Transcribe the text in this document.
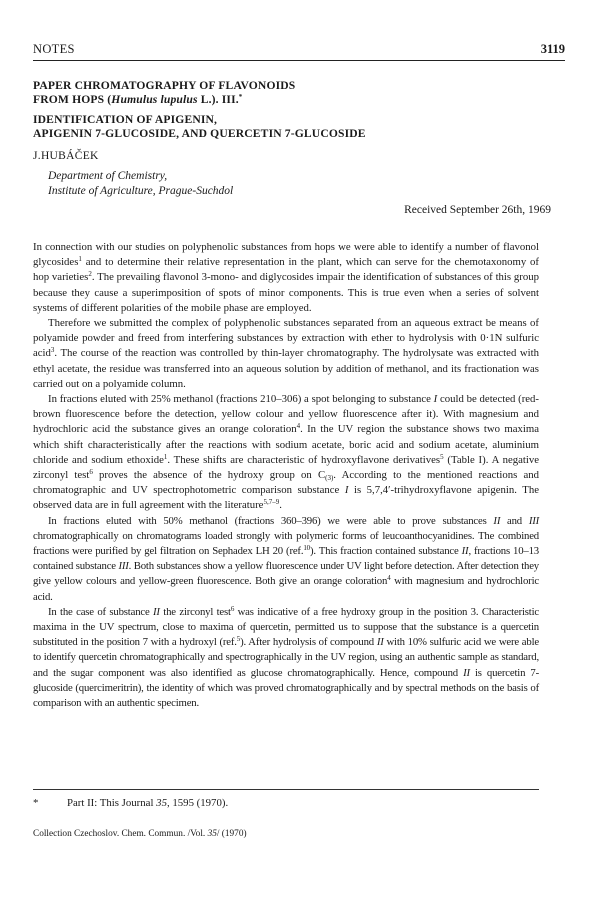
NOTES	3119
PAPER CHROMATOGRAPHY OF FLAVONOIDS
FROM HOPS (Humulus lupulus L.). III.*
IDENTIFICATION OF APIGENIN,
APIGENIN 7-GLUCOSIDE, AND QUERCETIN 7-GLUCOSIDE
J.HUBÁČEK
Department of Chemistry,
Institute of Agriculture, Prague-Suchdol
Received September 26th, 1969

In connection with our studies on polyphenolic substances from hops we were able to identify a number of flavonol glycosides$^1$ and to determine their relative representation in the plant, which can serve for the chemotaxonomy of hop varieties$^2$. The prevailing flavonol 3-mono- and diglycosides impair the identification of substances of this group because they cause a superimposition of spots of minor components. This is true even when a series of solvent systems of different polarities of the mobile phase are employed.

Therefore we submitted the complex of polyphenolic substances separated from an aqueous extract be means of polyamide powder and freed from interfering substances by extraction with ether to hydrolysis with 0·1N sulfuric acid$^3$. The course of the reaction was controlled by thin-layer chromatography. The hydrolysate was extracted with ethyl acetate, the residue was transferred into an aqueous solution by addition of methanol, and its fractionation was carried out on a polyamide column.

In fractions eluted with 25% methanol (fractions 210–306) a spot belonging to substance I could be detected (red-brown fluorescence before the detection, yellow colour and yellow fluorescence after it). With magnesium and hydrochloric acid the substance gives an orange coloration$^4$. In the UV region the substance shows two maxima which shift characteristically after the reactions with sodium acetate, boric acid and sodium acetate, aluminium chloride and sodium ethoxide$^1$. These shifts are characteristic of hydroxyflavone derivatives$^5$ (Table I). A negative zirconyl test$^6$ proves the absence of the hydroxy group on $C_{(3)}$. According to the mentioned reactions and chromatographic and UV spectrophotometric comparison substance I is 5,7,4′-trihydroxyflavone apigenin. The observed data are in full agreement with the literature$^{5,7-9}$.

In fractions eluted with 50% methanol (fractions 360–396) we were able to prove substances II and III chromatographically on chromatograms loaded strongly with polymeric forms of leucoanthocyanidines. The combined fractions were purified by gel filtration on Sephadex LH 20 (ref.$^{10}$). This fraction contained substance II, fractions 10–13 contained substance III. Both substances show a yellow fluorescence under UV light before detection. After detection they give yellow colours and yellow-green fluorescence. Both give an orange coloration$^4$ with magnesium and hydrochloric acid.

In the case of substance II the zirconyl test$^6$ was indicative of a free hydroxy group in the position 3. Characteristic maxima in the UV spectrum, close to maxima of quercetin, permitted us to suppose that the substance is a quercetin substituted in the position 7 with a hydroxyl (ref.$^5$). After hydrolysis of compound II with 10% sulfuric acid we were able to identify quercetin chromatographically and spectrographically in the UV region, using an authentic sample as standard, and the sugar component was also identified as glucose chromatographically. Hence, compound II is quercetin 7-glucoside (quercimeritrin), the identity of which was proved chromatographically and by spectral methods on the basis of comparison with an authentic specimen.

*	Part II: This Journal 35, 1595 (1970).
Collection Czechoslov. Chem. Commun. /Vol. 35/ (1970)
